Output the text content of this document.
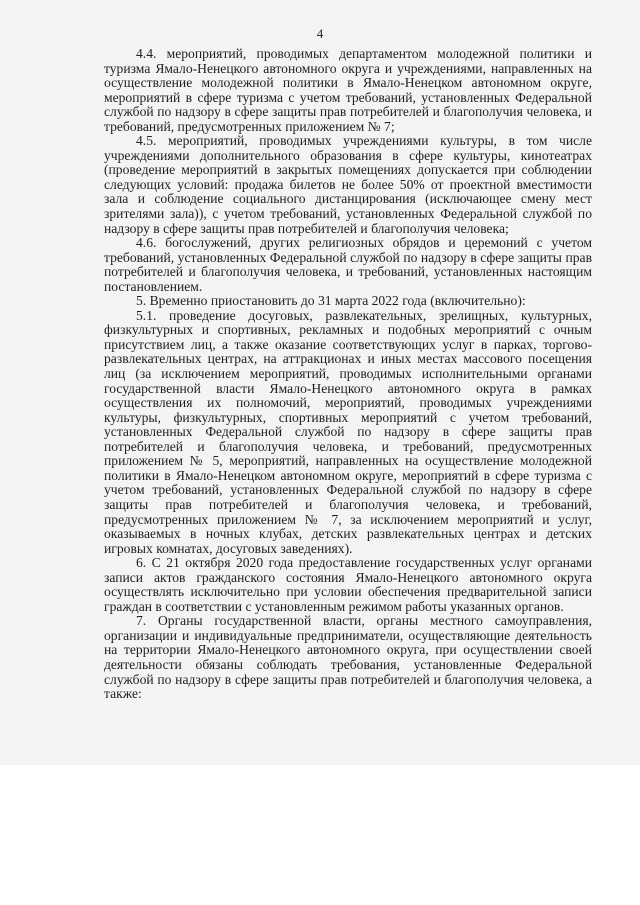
4

4.4. мероприятий, проводимых департаментом молодежной политики и туризма Ямало-Ненецкого автономного округа и учреждениями, направленных на осуществление молодежной политики в Ямало-Ненецком автономном округе, мероприятий в сфере туризма с учетом требований, установленных Федеральной службой по надзору в сфере защиты прав потребителей и благополучия человека, и требований, предусмотренных приложением № 7;

4.5. мероприятий, проводимых учреждениями культуры, в том числе учреждениями дополнительного образования в сфере культуры, кинотеатрах (проведение мероприятий в закрытых помещениях допускается при соблюдении следующих условий: продажа билетов не более 50% от проектной вместимости зала и соблюдение социального дистанцирования (исключающее смену мест зрителями зала)), с учетом требований, установленных Федеральной службой по надзору в сфере защиты прав потребителей и благополучия человека;

4.6. богослужений, других религиозных обрядов и церемоний с учетом требований, установленных Федеральной службой по надзору в сфере защиты прав потребителей и благополучия человека, и требований, установленных настоящим постановлением.

5. Временно приостановить до 31 марта 2022 года (включительно):

5.1. проведение досуговых, развлекательных, зрелищных, культурных, физкультурных и спортивных, рекламных и подобных мероприятий с очным присутствием лиц, а также оказание соответствующих услуг в парках, торгово-развлекательных центрах, на аттракционах и иных местах массового посещения лиц (за исключением мероприятий, проводимых исполнительными органами государственной власти Ямало-Ненецкого автономного округа в рамках осуществления их полномочий, мероприятий, проводимых учреждениями культуры, физкультурных, спортивных мероприятий с учетом требований, установленных Федеральной службой по надзору в сфере защиты прав потребителей и благополучия человека, и требований, предусмотренных приложением № 5, мероприятий, направленных на осуществление молодежной политики в Ямало-Ненецком автономном округе, мероприятий в сфере туризма с учетом требований, установленных Федеральной службой по надзору в сфере защиты прав потребителей и благополучия человека, и требований, предусмотренных приложением № 7, за исключением мероприятий и услуг, оказываемых в ночных клубах, детских развлекательных центрах и детских игровых комнатах, досуговых заведениях).

6. С 21 октября 2020 года предоставление государственных услуг органами записи актов гражданского состояния Ямало-Ненецкого автономного округа осуществлять исключительно при условии обеспечения предварительной записи граждан в соответствии с установленным режимом работы указанных органов.

7. Органы государственной власти, органы местного самоуправления, организации и индивидуальные предприниматели, осуществляющие деятельность на территории Ямало-Ненецкого автономного округа, при осуществлении своей деятельности обязаны соблюдать требования, установленные Федеральной службой по надзору в сфере защиты прав потребителей и благополучия человека, а также:
